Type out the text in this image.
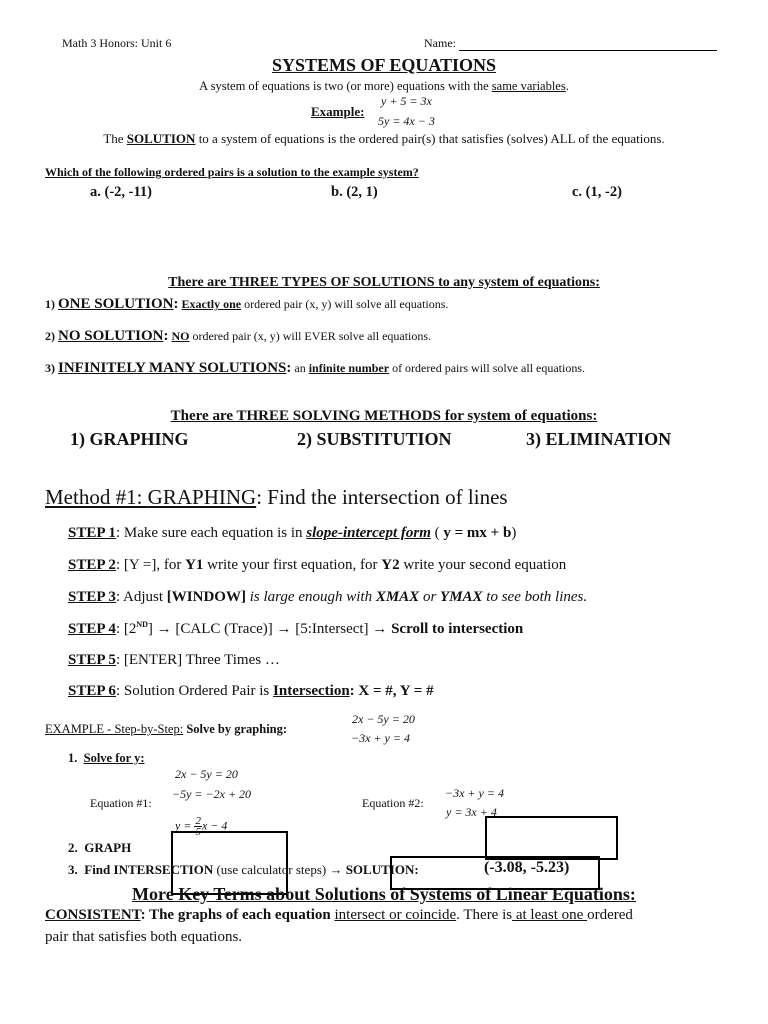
Math 3 Honors: Unit 6	Name:
SYSTEMS OF EQUATIONS
A system of equations is two (or more) equations with the same variables.
Example:
y + 5 = 3x
5y = 4x − 3
The SOLUTION to a system of equations is the ordered pair(s) that satisfies (solves) ALL of the equations.
Which of the following ordered pairs is a solution to the example system?
a. (-2, -11)	b. (2, 1)	c. (1, -2)
There are THREE TYPES OF SOLUTIONS to any system of equations:
1) ONE SOLUTION: Exactly one ordered pair (x, y) will solve all equations.
2) NO SOLUTION: NO ordered pair (x, y) will EVER solve all equations.
3) INFINITELY MANY SOLUTIONS: an infinite number of ordered pairs will solve all equations.
There are THREE SOLVING METHODS for system of equations:
1) GRAPHING	2) SUBSTITUTION	3) ELIMINATION
Method #1: GRAPHING: Find the intersection of lines
STEP 1: Make sure each equation is in slope-intercept form ( y = mx + b)
STEP 2: [Y =], for Y1 write your first equation, for Y2 write your second equation
STEP 3: Adjust [WINDOW] is large enough with XMAX or YMAX to see both lines.
STEP 4: [2ND] → [CALC (Trace)] → [5:Intersect] → Scroll to intersection
STEP 5: [ENTER] Three Times …
STEP 6: Solution Ordered Pair is Intersection: X = #, Y = #
EXAMPLE - Step-by-Step: Solve by graphing:
2x − 5y = 20
−3x + y = 4
1. Solve for y:
2x − 5y = 20
−5y = −2x + 20
Equation #1:
$y = \frac{2}{5}$ x − 4
Equation #2:
−3x + y = 4
y = 3x + 4
2. GRAPH
3. Find INTERSECTION (use calculator steps) → SOLUTION:	(-3.08, -5.23)
More Key Terms about Solutions of Systems of Linear Equations:
CONSISTENT: The graphs of each equation intersect or coincide. There is at least one ordered
pair that satisfies both equations.
